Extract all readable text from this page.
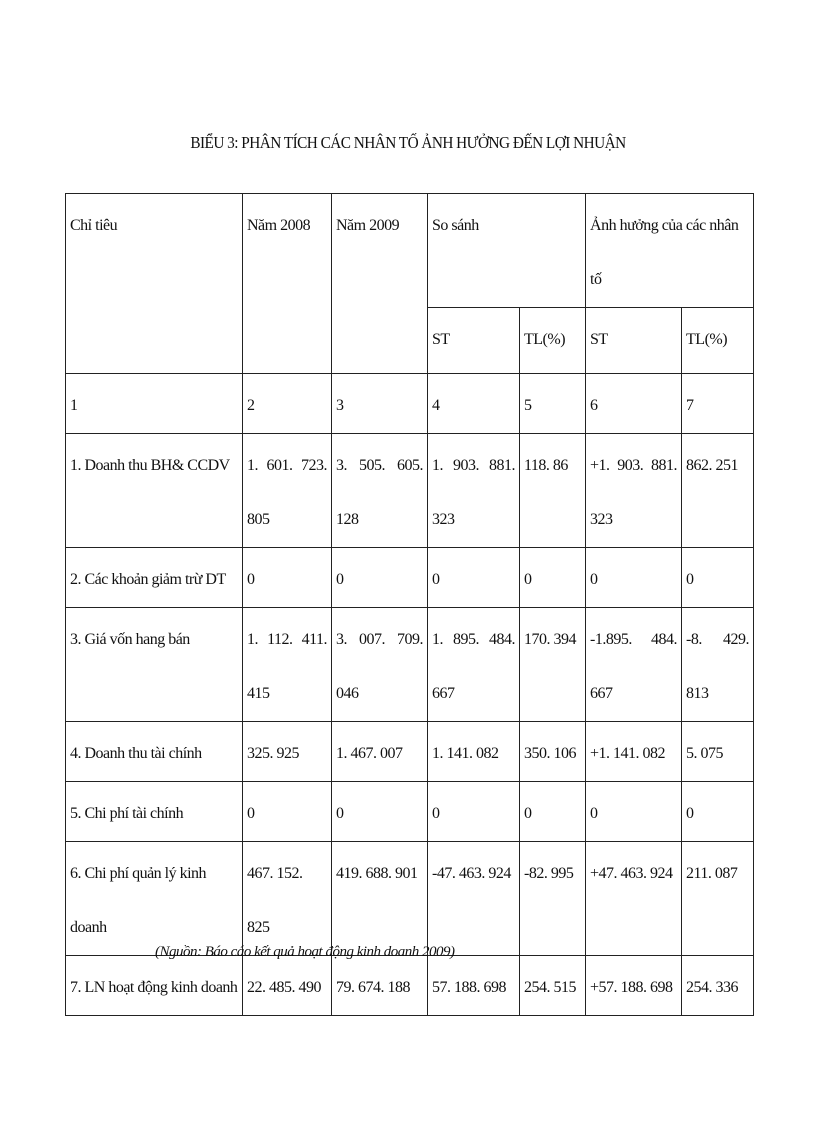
BIỂU 3: PHÂN TÍCH CÁC NHÂN TỐ ẢNH HƯỞNG ĐẾN LỢI NHUẬN
Chỉ tiêu	Năm 2008	Năm 2009	So sánh		Ảnh hưởng của các nhân tố	
			ST	TL(%)	ST	TL(%)
1	2	3	4	5	6	7
1. Doanh thu BH& CCDV	1. 601. 723. 805	3. 505. 605. 128	1. 903. 881. 323	118. 86	+1. 903. 881. 323	862. 251
2. Các khoản giảm trừ DT	0	0	0	0	0	0
3. Giá vốn hang bán	1. 112. 411. 415	3. 007. 709. 046	1. 895. 484. 667	170. 394	-1.895. 484. 667	-8. 429. 813
4. Doanh thu tài chính	325. 925	1. 467. 007	1. 141. 082	350. 106	+1. 141. 082	5. 075
5. Chi phí tài chính	0	0	0	0	0	0
6. Chi phí quản lý kinh doanh	467. 152. 825	419. 688. 901	-47. 463. 924	-82. 995	+47. 463. 924	211. 087
7. LN hoạt động kinh doanh	22. 485. 490	79. 674. 188	57. 188. 698	254. 515	+57. 188. 698	254. 336
(Nguồn: Báo cáo kết quả hoạt động kinh doanh 2009)
